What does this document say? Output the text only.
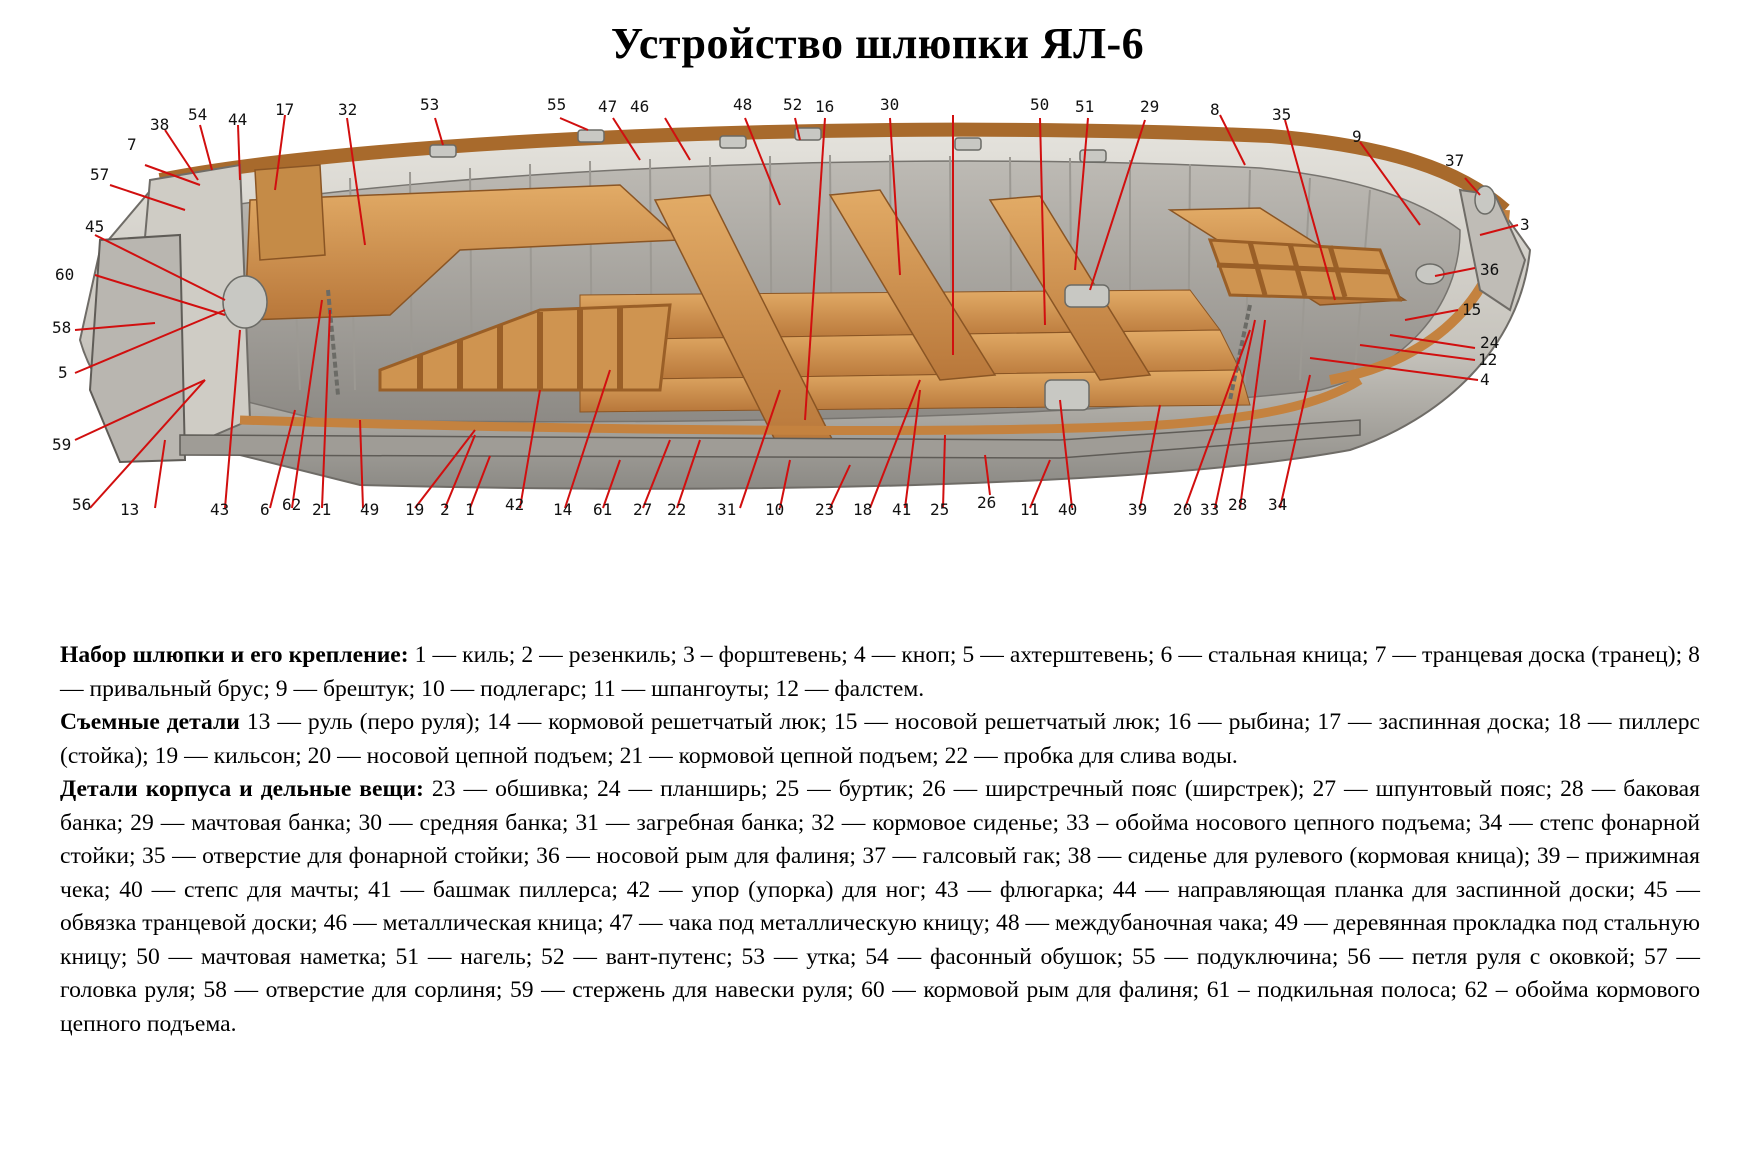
Устройство шлюпки ЯЛ-6
1
2
3
4
5
6
7
8
9
10	11
12
13	14
15
16
17
18
19	20
21	22	23
24
25 26
27	28
29
30
31
32
33	34
35
36
37
38
39
40
41
42
43
44
45
46
47	48
49
50 51
52
53
54
55
56
57
58
59
60
61
62

Набор шлюпки и его крепление: 1 — киль; 2 — резенкиль; 3 – форштевень; 4 — кноп; 5 — ахтерштевень; 6 — стальная кница; 7 — транцевая доска (транец); 8 — привальный брус; 9 — брештук; 10 — подлегарс; 11 — шпангоуты; 12 — фалстем.

Съемные детали 13 — руль (перо руля); 14 — кормовой решетчатый люк; 15 — носовой решетчатый люк; 16 — рыбина; 17 — заспинная доска; 18 — пиллерс (стойка); 19 — кильсон; 20 — носовой цепной подъем; 21 — кормовой цепной подъем; 22 — пробка для слива воды.

Детали корпуса и дельные вещи: 23 — обшивка; 24 — планширь; 25 — буртик; 26 — ширстречный пояс (ширстрек); 27 — шпунтовый пояс; 28 — баковая банка; 29 — мачтовая банка; 30 — средняя банка; 31 — загребная банка; 32 — кормовое сиденье; 33 – обойма носового цепного подъема; 34 — степс фонарной стойки; 35 — отверстие для фонарной стойки; 36 — носовой рым для фалиня; 37 — галсовый гак; 38 — сиденье для рулевого (кормовая кница); 39 – прижимная чека; 40 — степс для мачты; 41 — башмак пиллерса; 42 — упор (упорка) для ног; 43 — флюгарка; 44 — направляющая планка для заспинной доски; 45 — обвязка транцевой доски; 46 — металлическая кница; 47 — чака под металлическую кницу; 48 — междубаночная чака; 49 — деревянная прокладка под стальную кницу; 50 — мачтовая наметка; 51 — нагель; 52 — вант-путенс; 53 — утка; 54 — фасонный обушок; 55 — подуключина; 56 — петля руля с оковкой; 57 — головка руля; 58 — отверстие для сорлиня; 59 — стержень для навески руля; 60 — кормовой рым для фалиня; 61 – подкильная полоса; 62 – обойма кормового цепного подъема.
